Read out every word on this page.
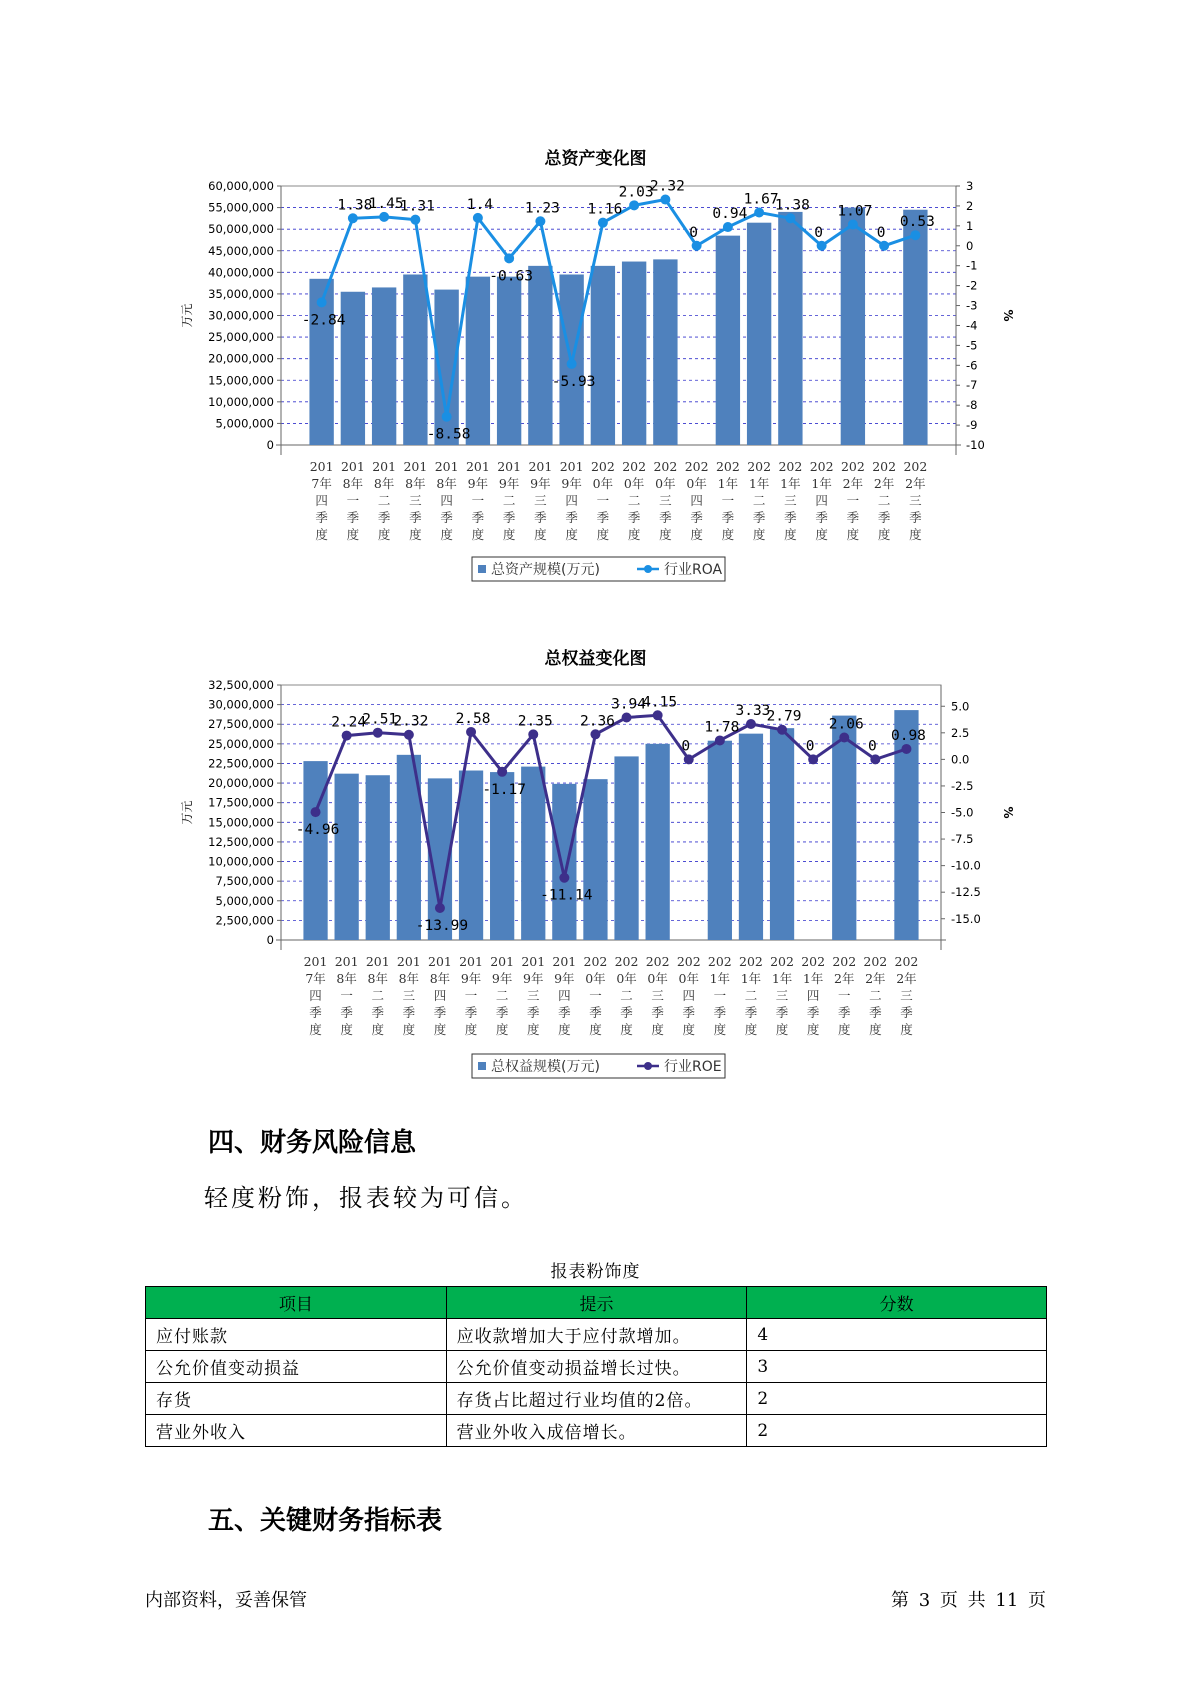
总资产变化图
60,000,000
55,000,000
50,000,000
45,000,000
40,000,000
35,000,000
30,000,000
25,000,000
20,000,000
15,000,000
10,000,000
5,000,000
0
3
2
1
0
-1
-2
-3
-4
-5
-6
-7
-8
-9
-10
万元	%
-2.84
1.38
1.45
1.31
-8.58
1.4
-0.63
1.23
-5.93
1.16
2.03
2.32
0
0.94
1.67
1.38
0
1.07
0
0.53
201
7年
四
季
度
201
8年
一
季
度
201
8年
二
季
度
201
8年
三
季
度
201
8年
四
季
度
201
9年
一
季
度
201
9年
二
季
度
201
9年
三
季
度
201
9年
四
季
度
202
0年
一
季
度
202
0年
二
季
度
202
0年
三
季
度
202
0年
四
季
度
202
1年
一
季
度
202
1年
二
季
度
202
1年
三
季
度
202
1年
四
季
度
202
2年
一
季
度
202
2年
二
季
度
202
2年
三
季
度
总资产规模(万元)	行业ROA
总权益变化图
32,500,000
30,000,000
27,500,000
25,000,000
22,500,000
20,000,000
17,500,000
15,000,000
12,500,000
10,000,000
7,500,000
5,000,000
2,500,000
0
5.0
2.5
0.0
-2.5
-5.0
-7.5
-10.0
-12.5
-15.0
万元	%
-4.96
2.24
2.51
2.32
-13.99
2.58
-1.17
2.35
-11.14
2.36
3.94
4.15
0
1.78
3.33
2.79
0
2.06
0
0.98
201
7年
四
季
度
201
8年
一
季
度
201
8年
二
季
度
201
8年
三
季
度
201
8年
四
季
度
201
9年
一
季
度
201
9年
二
季
度
201
9年
三
季
度
201
9年
四
季
度
202
0年
一
季
度
202
0年
二
季
度
202
0年
三
季
度
202
0年
四
季
度
202
1年
一
季
度
202
1年
二
季
度
202
1年
三
季
度
202
1年
四
季
度
202
2年
一
季
度
202
2年
二
季
度
202
2年
三
季
度
总权益规模(万元)	行业ROE
四、财务风险信息
轻度粉饰，报表较为可信。
报表粉饰度
项目	提示	分数
应付账款	应收款增加大于应付款增加。	4
公允价值变动损益	公允价值变动损益增长过快。	3
存货	存货占比超过行业均值的2倍。	2
营业外收入	营业外收入成倍增长。	2
五、关键财务指标表
内部资料，妥善保管	第 3 页 共 11 页
